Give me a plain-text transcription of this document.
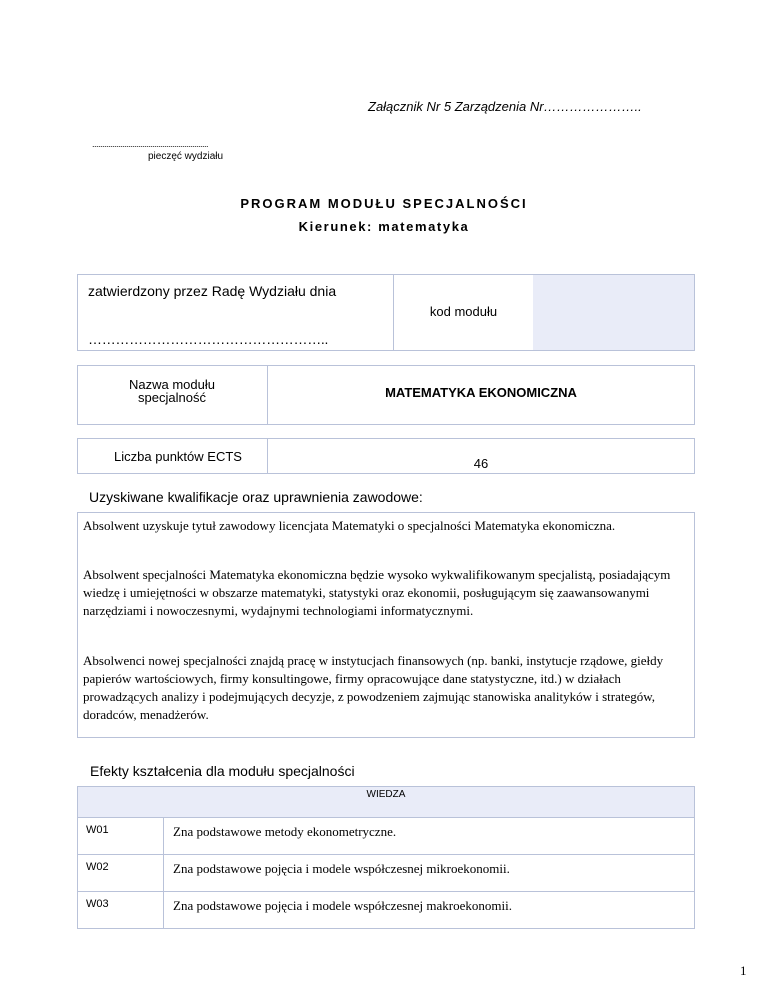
Załącznik Nr 5 Zarządzenia Nr…………………..
..........................................................
pieczęć wydziału
PROGRAM MODUŁU SPECJALNOŚCI
Kierunek: matematyka
zatwierdzony przez Radę Wydziału dnia
……………………………………………..
kod modułu
Nazwa modułu
specjalność	MATEMATYKA EKONOMICZNA
Liczba punktów ECTS	46
Uzyskiwane kwalifikacje oraz uprawnienia zawodowe:

Absolwent uzyskuje tytuł zawodowy licencjata Matematyki o specjalności Matematyka ekonomiczna.

Absolwent specjalności Matematyka ekonomiczna będzie wysoko wykwalifikowanym specjalistą, posiadającym wiedzę i umiejętności w obszarze matematyki, statystyki oraz ekonomii, posługującym się zaawansowanymi narzędziami i nowoczesnymi, wydajnymi technologiami informatycznymi.

Absolwenci nowej specjalności znajdą pracę w instytucjach finansowych (np. banki, instytucje rządowe, giełdy papierów wartościowych, firmy konsultingowe, firmy opracowujące dane statystyczne, itd.) w działach prowadzących analizy i podejmujących decyzje, z powodzeniem zajmując stanowiska analityków i strategów, doradców, menadżerów.

Efekty kształcenia dla modułu specjalności
WIEDZA	
W01	Zna podstawowe metody ekonometryczne.
W02	Zna podstawowe pojęcia i modele współczesnej mikroekonomii.
W03	Zna podstawowe pojęcia i modele współczesnej makroekonomii.
1
